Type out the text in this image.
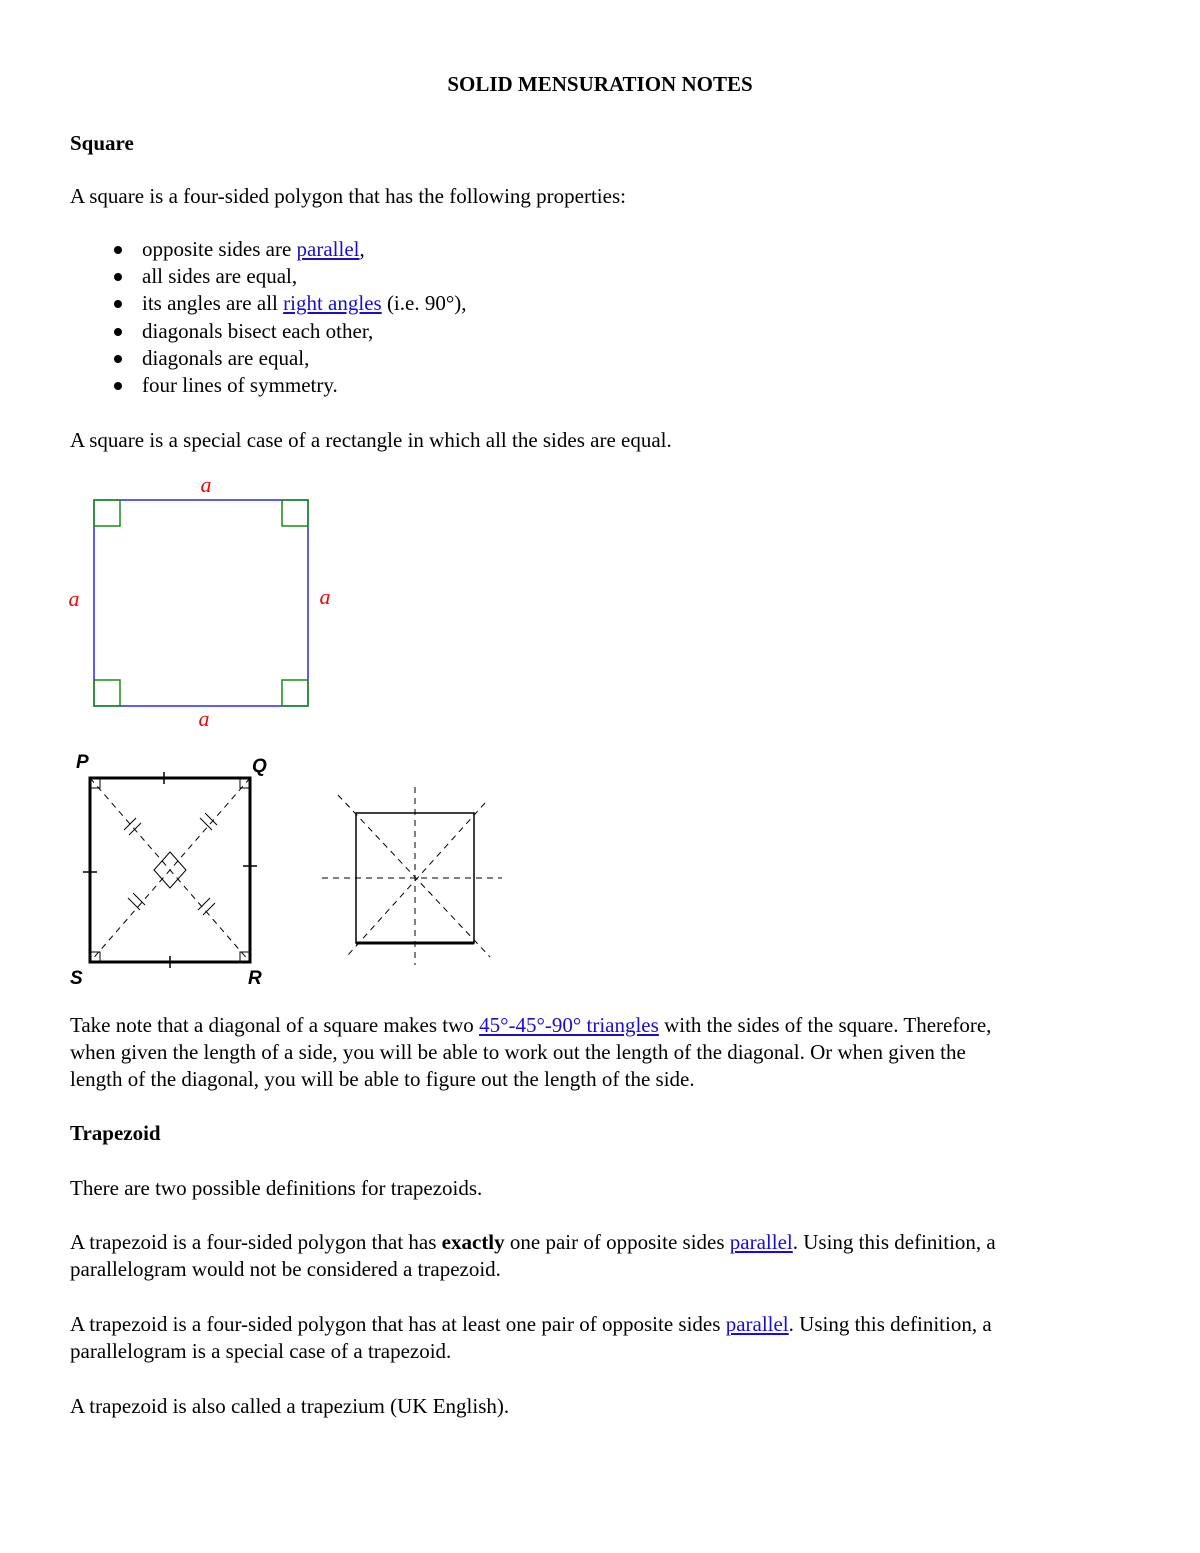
SOLID MENSURATION NOTES
Square
A square is a four-sided polygon that has the following properties:
opposite sides are parallel,
all sides are equal,
its angles are all right angles (i.e. 90°),
diagonals bisect each other,
diagonals are equal,
four lines of symmetry.
A square is a special case of a rectangle in which all the sides are equal.
a
a	a
a
P	Q
S	R
Take note that a diagonal of a square makes two 45°-45°-90° triangles with the sides of the square. Therefore,
when given the length of a side, you will be able to work out the length of the diagonal. Or when given the
length of the diagonal, you will be able to figure out the length of the side.
Trapezoid
There are two possible definitions for trapezoids.
A trapezoid is a four-sided polygon that has exactly one pair of opposite sides parallel. Using this definition, a
parallelogram would not be considered a trapezoid.
A trapezoid is a four-sided polygon that has at least one pair of opposite sides parallel. Using this definition, a
parallelogram is a special case of a trapezoid.
A trapezoid is also called a trapezium (UK English).
